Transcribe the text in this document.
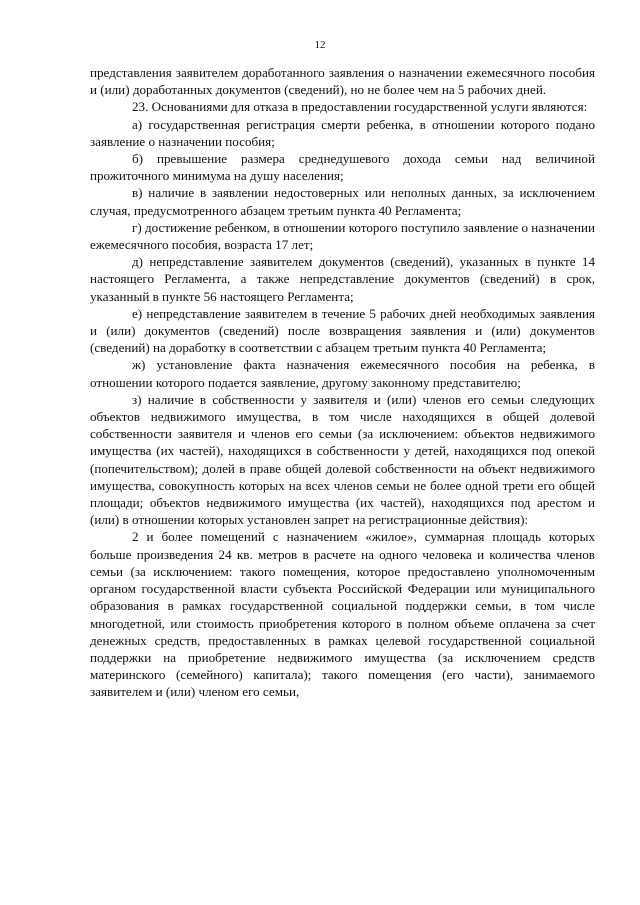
12

представления заявителем доработанного заявления о назначении ежемесячного пособия и (или) доработанных документов (сведений), но не более чем на 5 рабочих дней.

23. Основаниями для отказа в предоставлении государственной услуги являются:

а) государственная регистрация смерти ребенка, в отношении которого подано заявление о назначении пособия;

б) превышение размера среднедушевого дохода семьи над величиной прожиточного минимума на душу населения;

в) наличие в заявлении недостоверных или неполных данных, за исключением случая, предусмотренного абзацем третьим пункта 40 Регламента;

г) достижение ребенком, в отношении которого поступило заявление о назначении ежемесячного пособия, возраста 17 лет;

д) непредставление заявителем документов (сведений), указанных в пункте 14 настоящего Регламента, а также непредставление документов (сведений) в срок, указанный в пункте 56 настоящего Регламента;

е) непредставление заявителем в течение 5 рабочих дней необходимых заявления и (или) документов (сведений) после возвращения заявления и (или) документов (сведений) на доработку в соответствии с абзацем третьим пункта 40 Регламента;

ж) установление факта назначения ежемесячного пособия на ребенка, в отношении которого подается заявление, другому законному представителю;

з) наличие в собственности у заявителя и (или) членов его семьи следующих объектов недвижимого имущества, в том числе находящихся в общей долевой собственности заявителя и членов его семьи (за исключением: объектов недвижимого имущества (их частей), находящихся в собственности у детей, находящихся под опекой (попечительством); долей в праве общей долевой собственности на объект недвижимого имущества, совокупность которых на всех членов семьи не более одной трети его общей площади; объектов недвижимого имущества (их частей), находящихся под арестом и (или) в отношении которых установлен запрет на регистрационные действия):

2 и более помещений с назначением «жилое», суммарная площадь которых больше произведения 24 кв. метров в расчете на одного человека и количества членов семьи (за исключением: такого помещения, которое предоставлено уполномоченным органом государственной власти субъекта Российской Федерации или муниципального образования в рамках государственной социальной поддержки семьи, в том числе многодетной, или стоимость приобретения которого в полном объеме оплачена за счет денежных средств, предоставленных в рамках целевой государственной социальной поддержки на приобретение недвижимого имущества (за исключением средств материнского (семейного) капитала); такого помещения (его части), занимаемого заявителем и (или) членом его семьи,
